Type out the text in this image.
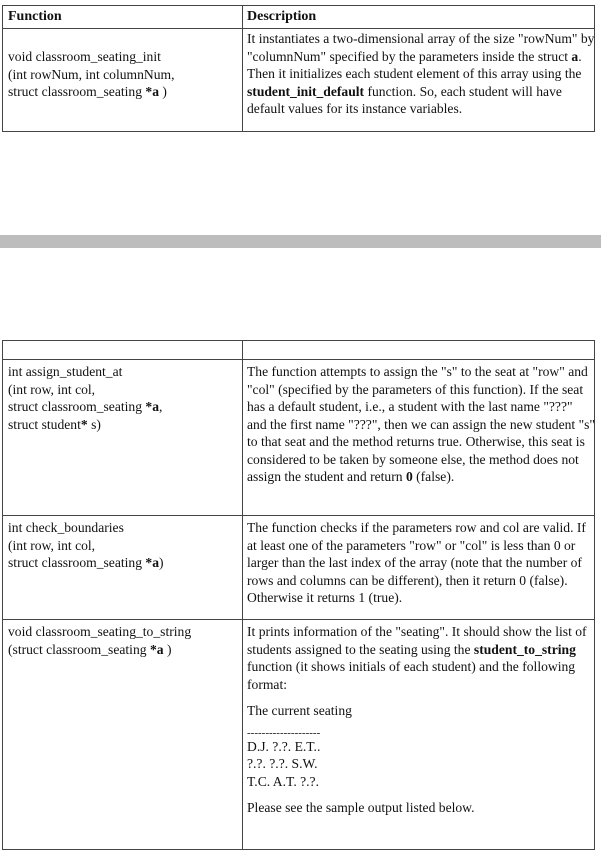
Function	Description
void classroom_seating_init
(int rowNum, int columnNum,
struct classroom_seating *a )
It instantiates a two-dimensional array of the size "rowNum" by "columnNum" specified by the parameters inside the struct a. Then it initializes each student element of this array using the student_init_default function. So, each student will have default values for its instance variables.
int assign_student_at
(int row, int col,
struct classroom_seating *a,
struct student* s)
The function attempts to assign the "s" to the seat at "row" and "col" (specified by the parameters of this function). If the seat has a default student, i.e., a student with the last name "???" and the first name "???", then we can assign the new student "s" to that seat and the method returns true. Otherwise, this seat is considered to be taken by someone else, the method does not assign the student and return 0 (false).
int check_boundaries
(int row, int col,
struct classroom_seating *a)
The function checks if the parameters row and col are valid. If at least one of the parameters "row" or "col" is less than 0 or larger than the last index of the array (note that the number of rows and columns can be different), then it return 0 (false). Otherwise it returns 1 (true).
void classroom_seating_to_string
(struct classroom_seating *a )
It prints information of the "seating". It should show the list of students assigned to the seating using the student_to_string function (it shows initials of each student) and the following format:
The current seating
--------------------
D.J. ?.?. E.T..
?.?. ?.?. S.W.
T.C. A.T. ?.?.
Please see the sample output listed below.
